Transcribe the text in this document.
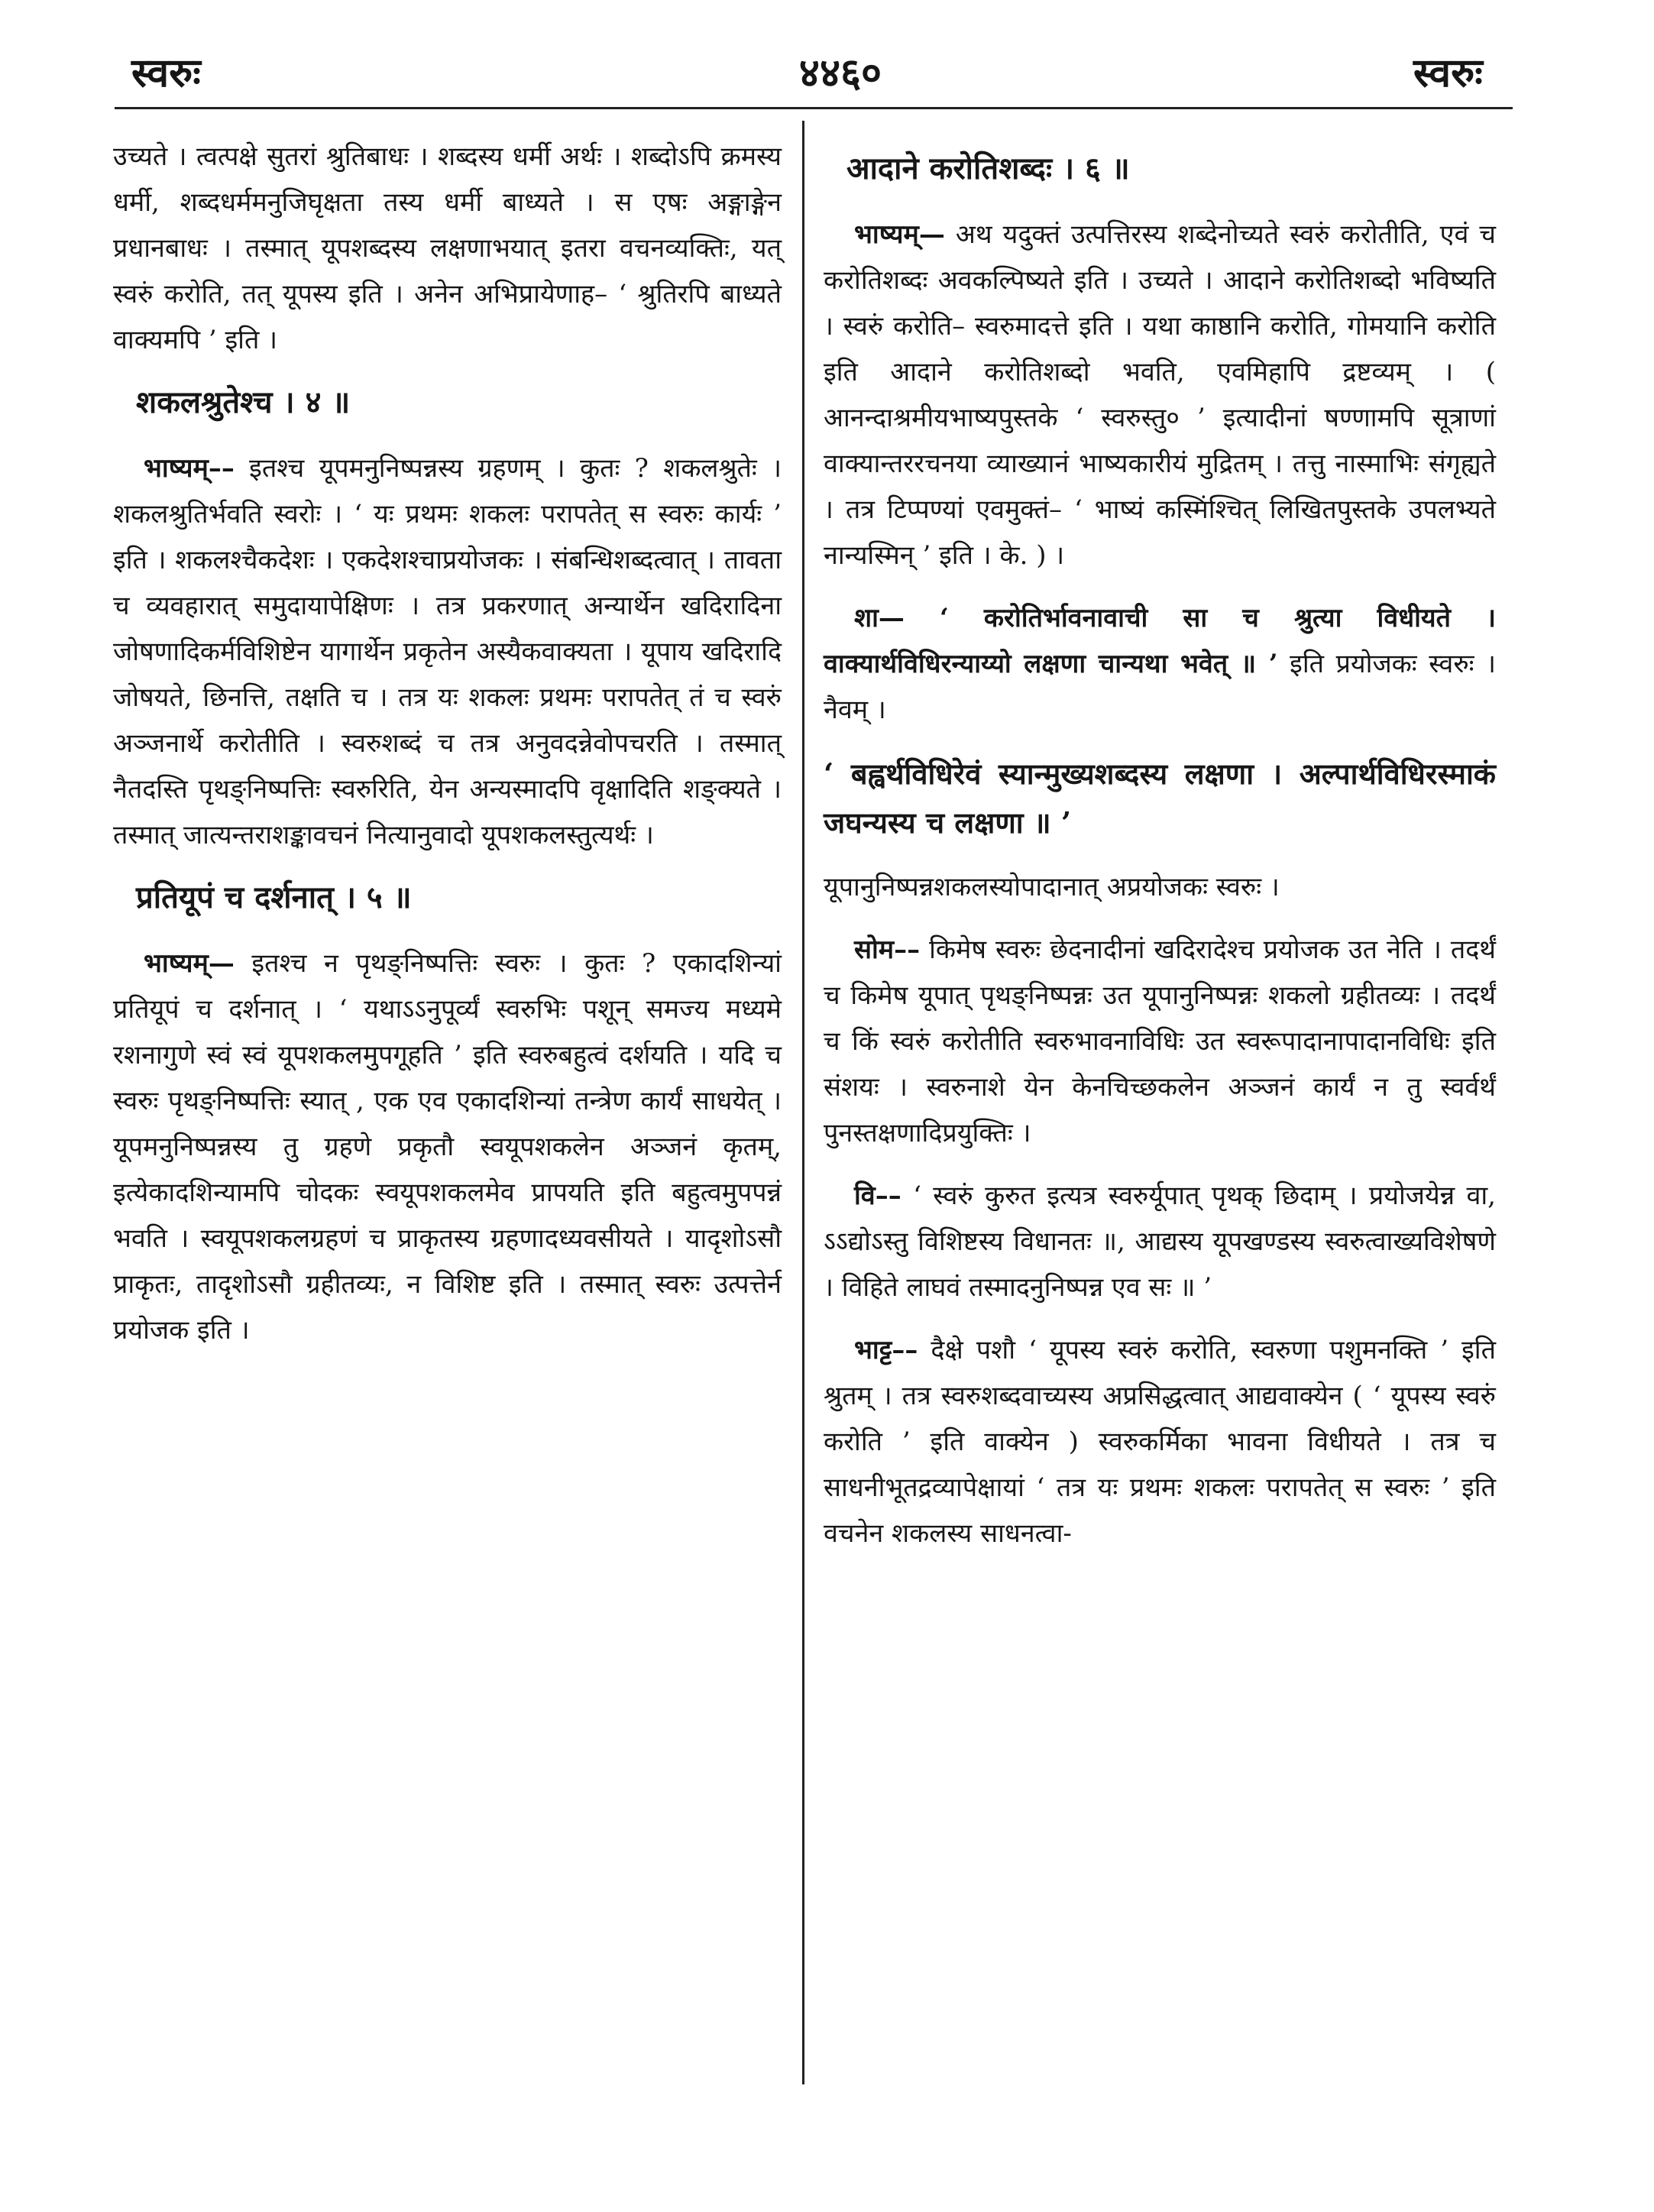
स्वरुः	४४६०	स्वरुः

उच्यते । त्वत्पक्षे सुतरां श्रुतिबाधः । शब्दस्य धर्मी अर्थः । शब्दोऽपि क्रमस्य धर्मी, शब्दधर्ममनुजिघृक्षता तस्य धर्मी बाध्यते । स एषः अङ्गाङ्गेन प्रधानबाधः । तस्मात् यूपशब्दस्य लक्षणाभयात् इतरा वचनव्यक्तिः, यत् स्वरुं करोति, तत् यूपस्य इति । अनेन अभिप्रायेणाह– ‘ श्रुतिरपि बाध्यते वाक्यमपि ’ इति ।

शकलश्रुतेश्च । ४ ॥

भाष्यम्–– इतश्च यूपमनुनिष्पन्नस्य ग्रहणम् । कुतः ? शकलश्रुतेः । शकलश्रुतिर्भवति स्वरोः । ‘ यः प्रथमः शकलः परापतेत् स स्वरुः कार्यः ’ इति । शकलश्चैकदेशः । एकदेशश्चाप्रयोजकः । संबन्धिशब्दत्वात् । तावता च व्यवहारात् समुदायापेक्षिणः । तत्र प्रकरणात् अन्यार्थेन खदिरादिना जोषणादिकर्मविशिष्टेन यागार्थेन प्रकृतेन अस्यैकवाक्यता । यूपाय खदिरादि जोषयते, छिनत्ति, तक्षति च । तत्र यः शकलः प्रथमः परापतेत् तं च स्वरुं अञ्जनार्थे करोतीति । स्वरुशब्दं च तत्र अनुवदन्नेवोपचरति । तस्मात् नैतदस्ति पृथङ्निष्पत्तिः स्वरुरिति, येन अन्यस्मादपि वृक्षादिति शङ्क्यते । तस्मात् जात्यन्तराशङ्कावचनं नित्यानुवादो यूपशकलस्तुत्यर्थः ।

प्रतियूपं च दर्शनात् । ५ ॥

भाष्यम्— इतश्च न पृथङ्निष्पत्तिः स्वरुः । कुतः ? एकादशिन्यां प्रतियूपं च दर्शनात् । ‘ यथाऽऽनुपूर्व्यं स्वरुभिः पशून् समज्य मध्यमे रशनागुणे स्वं स्वं यूपशकलमुपगूहति ’ इति स्वरुबहुत्वं दर्शयति । यदि च स्वरुः पृथङ्निष्पत्तिः स्यात् , एक एव एकादशिन्यां तन्त्रेण कार्यं साधयेत् । यूपमनुनिष्पन्नस्य तु ग्रहणे प्रकृतौ स्वयूपशकलेन अञ्जनं कृतम्, इत्येकादशिन्यामपि चोदकः स्वयूपशकलमेव प्रापयति इति बहुत्वमुपपन्नं भवति । स्वयूपशकलग्रहणं च प्राकृतस्य ग्रहणादध्यवसीयते । यादृशोऽसौ प्राकृतः, तादृशोऽसौ ग्रहीतव्यः, न विशिष्ट इति । तस्मात् स्वरुः उत्पत्तेर्न प्रयोजक इति ।

आदाने करोतिशब्दः । ६ ॥

भाष्यम्— अथ यदुक्तं उत्पत्तिरस्य शब्देनोच्यते स्वरुं करोतीति, एवं च करोतिशब्दः अवकल्पिष्यते इति । उच्यते । आदाने करोतिशब्दो भविष्यति । स्वरुं करोति– स्वरुमादत्ते इति । यथा काष्ठानि करोति, गोमयानि करोति इति आदाने करोतिशब्दो भवति, एवमिहापि द्रष्टव्यम् । ( आनन्दाश्रमीयभाष्यपुस्तके ‘ स्वरुस्तु० ’ इत्यादीनां षण्णामपि सूत्राणां वाक्यान्तररचनया व्याख्यानं भाष्यकारीयं मुद्रितम् । तत्तु नास्माभिः संगृह्यते । तत्र टिप्पण्यां एवमुक्तं– ‘ भाष्यं कस्मिंश्चित् लिखितपुस्तके उपलभ्यते नान्यस्मिन् ’ इति । के. ) ।

शा— ‘ करोतिर्भावनावाची सा च श्रुत्या विधीयते । वाक्यार्थविधिरन्याय्यो लक्षणा चान्यथा भवेत् ॥ ’ इति प्रयोजकः स्वरुः । नैवम् ।

‘ बह्वर्थविधिरेवं स्यान्मुख्यशब्दस्य लक्षणा । अल्पार्थविधिरस्माकं जघन्यस्य च लक्षणा ॥ ’

यूपानुनिष्पन्नशकलस्योपादानात् अप्रयोजकः स्वरुः ।

सोम–– किमेष स्वरुः छेदनादीनां खदिरादेश्च प्रयोजक उत नेति । तदर्थं च किमेष यूपात् पृथङ्निष्पन्नः उत यूपानुनिष्पन्नः शकलो ग्रहीतव्यः । तदर्थं च किं स्वरुं करोतीति स्वरुभावनाविधिः उत स्वरूपादानापादानविधिः इति संशयः । स्वरुनाशे येन केनचिच्छकलेन अञ्जनं कार्यं न तु स्वर्वर्थं पुनस्तक्षणादिप्रयुक्तिः ।

वि–– ‘ स्वरुं कुरुत इत्यत्र स्वरुर्यूपात् पृथक् छिदाम् । प्रयोजयेन्न वा, ऽऽद्योऽस्तु विशिष्टस्य विधानतः ॥, आद्यस्य यूपखण्डस्य स्वरुत्वाख्यविशेषणे । विहिते लाघवं तस्मादनुनिष्पन्न एव सः ॥ ’

भाट्ट–– दैक्षे पशौ ‘ यूपस्य स्वरुं करोति, स्वरुणा पशुमनक्ति ’ इति श्रुतम् । तत्र स्वरुशब्दवाच्यस्य अप्रसिद्धत्वात् आद्यवाक्येन ( ‘ यूपस्य स्वरुं करोति ’ इति वाक्येन ) स्वरुकर्मिका भावना विधीयते । तत्र च साधनीभूतद्रव्यापेक्षायां ‘ तत्र यः प्रथमः शकलः परापतेत् स स्वरुः ’ इति वचनेन शकलस्य साधनत्वा-
